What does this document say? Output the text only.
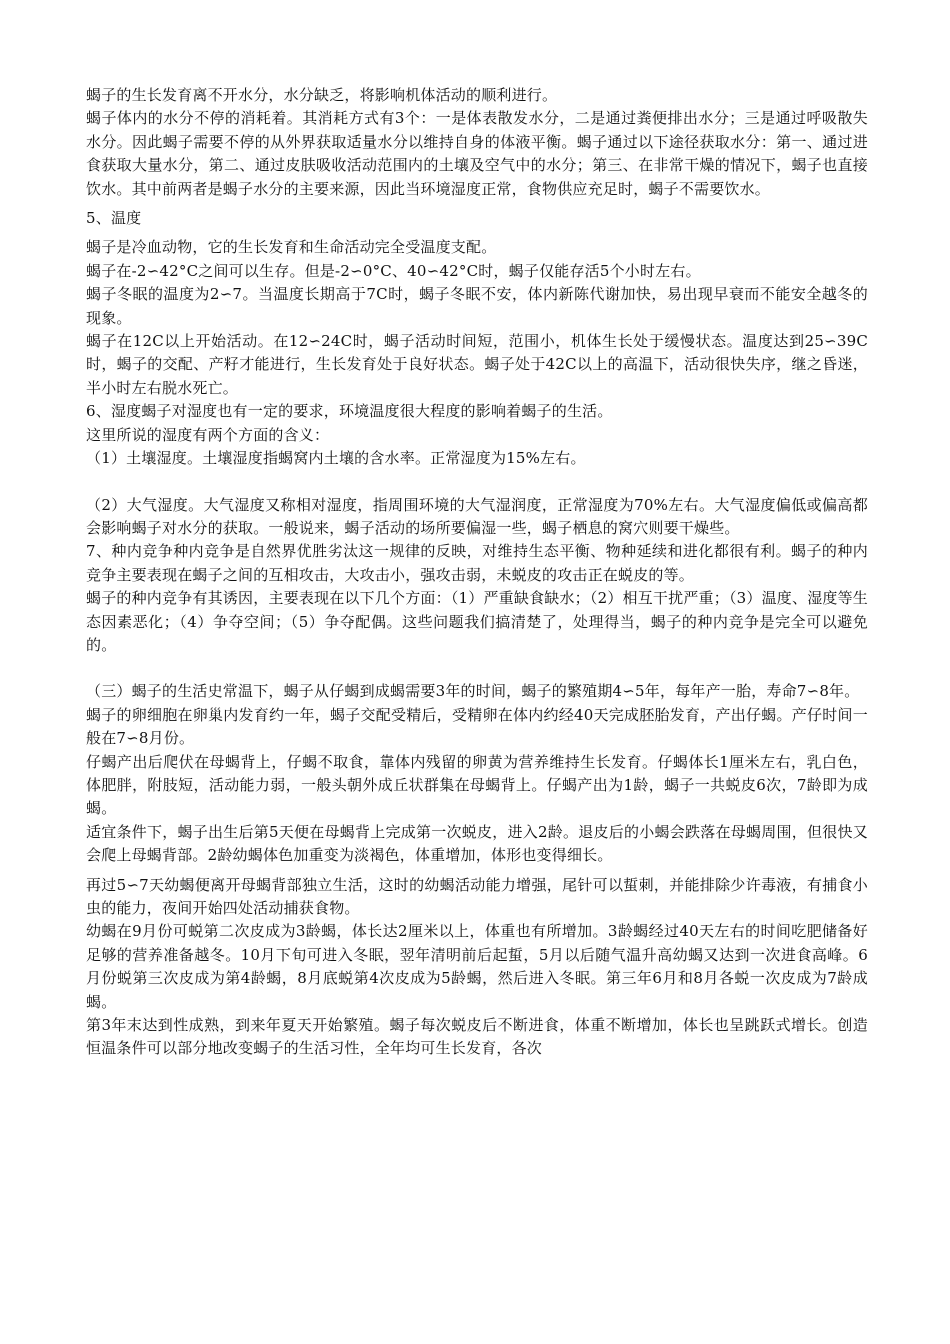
蝎子的生长发育离不开水分，水分缺乏，将影响机体活动的顺利进行。

蝎子体内的水分不停的消耗着。其消耗方式有3个：一是体表散发水分，二是通过粪便排出水分；三是通过呼吸散失水分。因此蝎子需要不停的从外界获取适量水分以维持自身的体液平衡。蝎子通过以下途径获取水分：第一、通过进食获取大量水分，第二、通过皮肤吸收活动范围内的土壤及空气中的水分；第三、在非常干燥的情况下，蝎子也直接饮水。其中前两者是蝎子水分的主要来源，因此当环境湿度正常，食物供应充足时，蝎子不需要饮水。

5、温度

蝎子是冷血动物，它的生长发育和生命活动完全受温度支配。

蝎子在-2∽42°C之间可以生存。但是-2∽0°C、40∽42°C时，蝎子仅能存活5个小时左右。

蝎子冬眠的温度为2∽7。当温度长期高于7C时，蝎子冬眠不安，体内新陈代谢加快，易出现早衰而不能安全越冬的现象。

蝎子在12C以上开始活动。在12∽24C时，蝎子活动时间短，范围小，机体生长处于缓慢状态。温度达到25∽39C时，蝎子的交配、产籽才能进行，生长发育处于良好状态。蝎子处于42C以上的高温下，活动很快失序，继之昏迷，半小时左右脱水死亡。

6、湿度蝎子对湿度也有一定的要求，环境温度很大程度的影响着蝎子的生活。

这里所说的湿度有两个方面的含义：

（1）土壤湿度。土壤湿度指蝎窝内土壤的含水率。正常湿度为15%左右。

（2）大气湿度。大气湿度又称相对湿度，指周围环境的大气湿润度，正常湿度为70%左右。大气湿度偏低或偏高都会影响蝎子对水分的获取。一般说来，蝎子活动的场所要偏湿一些，蝎子栖息的窝穴则要干燥些。

7、种内竞争种内竞争是自然界优胜劣汰这一规律的反映，对维持生态平衡、物种延续和进化都很有利。蝎子的种内竞争主要表现在蝎子之间的互相攻击，大攻击小，强攻击弱，未蜕皮的攻击正在蜕皮的等。

蝎子的种内竞争有其诱因，主要表现在以下几个方面：（1）严重缺食缺水；（2）相互干扰严重；（3）温度、湿度等生态因素恶化；（4）争夺空间；（5）争夺配偶。这些问题我们搞清楚了，处理得当，蝎子的种内竞争是完全可以避免的。

（三）蝎子的生活史常温下，蝎子从仔蝎到成蝎需要3年的时间，蝎子的繁殖期4∽5年，每年产一胎，寿命7∽8年。

蝎子的卵细胞在卵巢内发育约一年，蝎子交配受精后，受精卵在体内约经40天完成胚胎发育，产出仔蝎。产仔时间一般在7∽8月份。

仔蝎产出后爬伏在母蝎背上，仔蝎不取食，靠体内残留的卵黄为营养维持生长发育。仔蝎体长1厘米左右，乳白色，体肥胖，附肢短，活动能力弱，一般头朝外成丘状群集在母蝎背上。仔蝎产出为1龄，蝎子一共蜕皮6次，7龄即为成蝎。

适宜条件下，蝎子出生后第5天便在母蝎背上完成第一次蜕皮，进入2龄。退皮后的小蝎会跌落在母蝎周围，但很快又会爬上母蝎背部。2龄幼蝎体色加重变为淡褐色，体重增加，体形也变得细长。

再过5∽7天幼蝎便离开母蝎背部独立生活，这时的幼蝎活动能力增强，尾针可以蜇刺，并能排除少许毒液，有捕食小虫的能力，夜间开始四处活动捕获食物。

幼蝎在9月份可蜕第二次皮成为3龄蝎，体长达2厘米以上，体重也有所增加。3龄蝎经过40天左右的时间吃肥储备好足够的营养准备越冬。10月下旬可进入冬眠，翌年清明前后起蜇，5月以后随气温升高幼蝎又达到一次进食高峰。6月份蜕第三次皮成为第4龄蝎，8月底蜕第4次皮成为5龄蝎，然后进入冬眠。第三年6月和8月各蜕一次皮成为7龄成蝎。

第3年末达到性成熟，到来年夏天开始繁殖。蝎子每次蜕皮后不断进食，体重不断增加，体长也呈跳跃式增长。创造恒温条件可以部分地改变蝎子的生活习性，全年均可生长发育，各次
